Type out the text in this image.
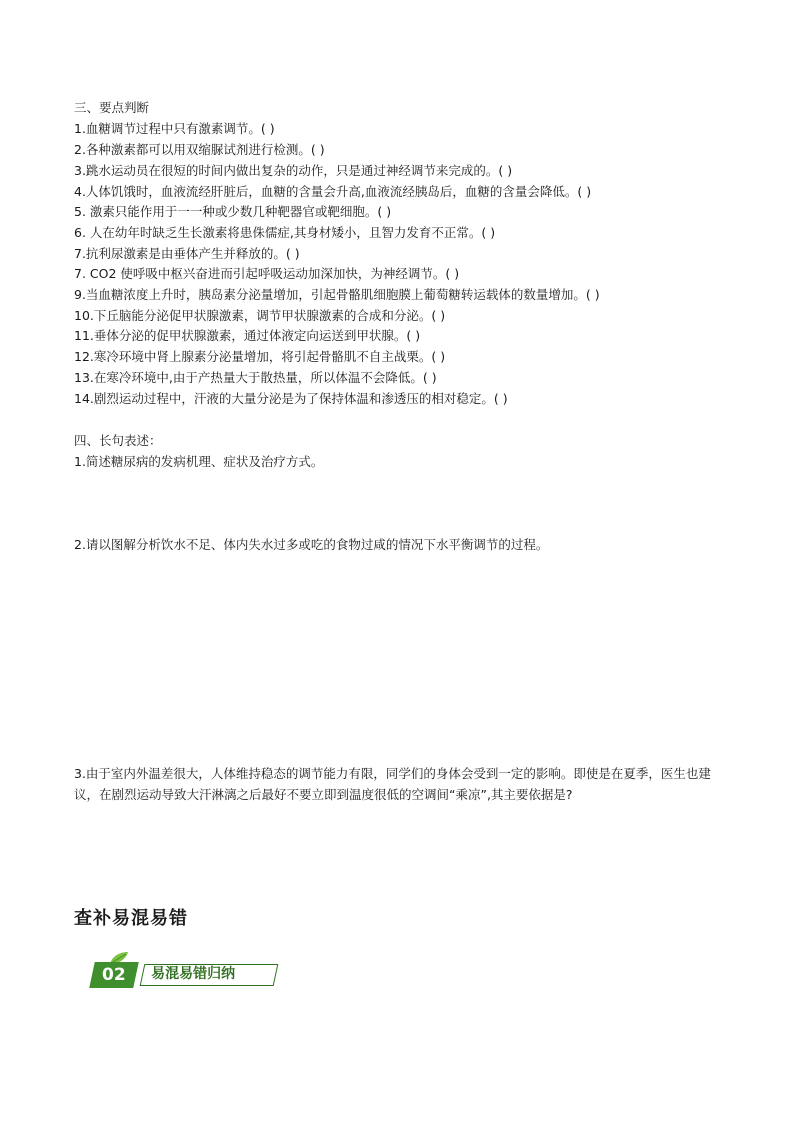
三、要点判断
1.血糖调节过程中只有激素调节。( )
2.各种激素都可以用双缩脲试剂进行检测。( )
3.跳水运动员在很短的时间内做出复杂的动作，只是通过神经调节来完成的。( )
4.人体饥饿时，血液流经肝脏后，血糖的含量会升高,血液流经胰岛后，血糖的含量会降低。( )
5. 激素只能作用于一一种或少数几种靶器官或靶细胞。( )
6. 人在幼年时缺乏生长激素将患侏儒症,其身材矮小，且智力发育不正常。( )
7.抗利尿激素是由垂体产生并释放的。( )
7. CO2 使呼吸中枢兴奋进而引起呼吸运动加深加快，为神经调节。( )
9.当血糖浓度上升时，胰岛素分泌量增加，引起骨骼肌细胞膜上葡萄糖转运载体的数量增加。( )
10.下丘脑能分泌促甲状腺激素，调节甲状腺激素的合成和分泌。( )
11.垂体分泌的促甲状腺激素，通过体液定向运送到甲状腺。( )
12.寒冷环境中肾上腺素分泌量增加，将引起骨骼肌不自主战栗。( )
13.在寒冷环境中,由于产热量大于散热量，所以体温不会降低。( )
14.剧烈运动过程中，汗液的大量分泌是为了保持体温和渗透压的相对稳定。( )
四、长句表述：
1.简述糖尿病的发病机理、症状及治疗方式。
2.请以图解分析饮水不足、体内失水过多或吃的食物过咸的情况下水平衡调节的过程。
3.由于室内外温差很大，人体维持稳态的调节能力有限，同学们的身体会受到一定的影响。即使是在夏季，医生也建议，在剧烈运动导致大汗淋漓之后最好不要立即到温度很低的空调间“乘凉”,其主要依据是?
查补易混易错
02	易混易错归纳
